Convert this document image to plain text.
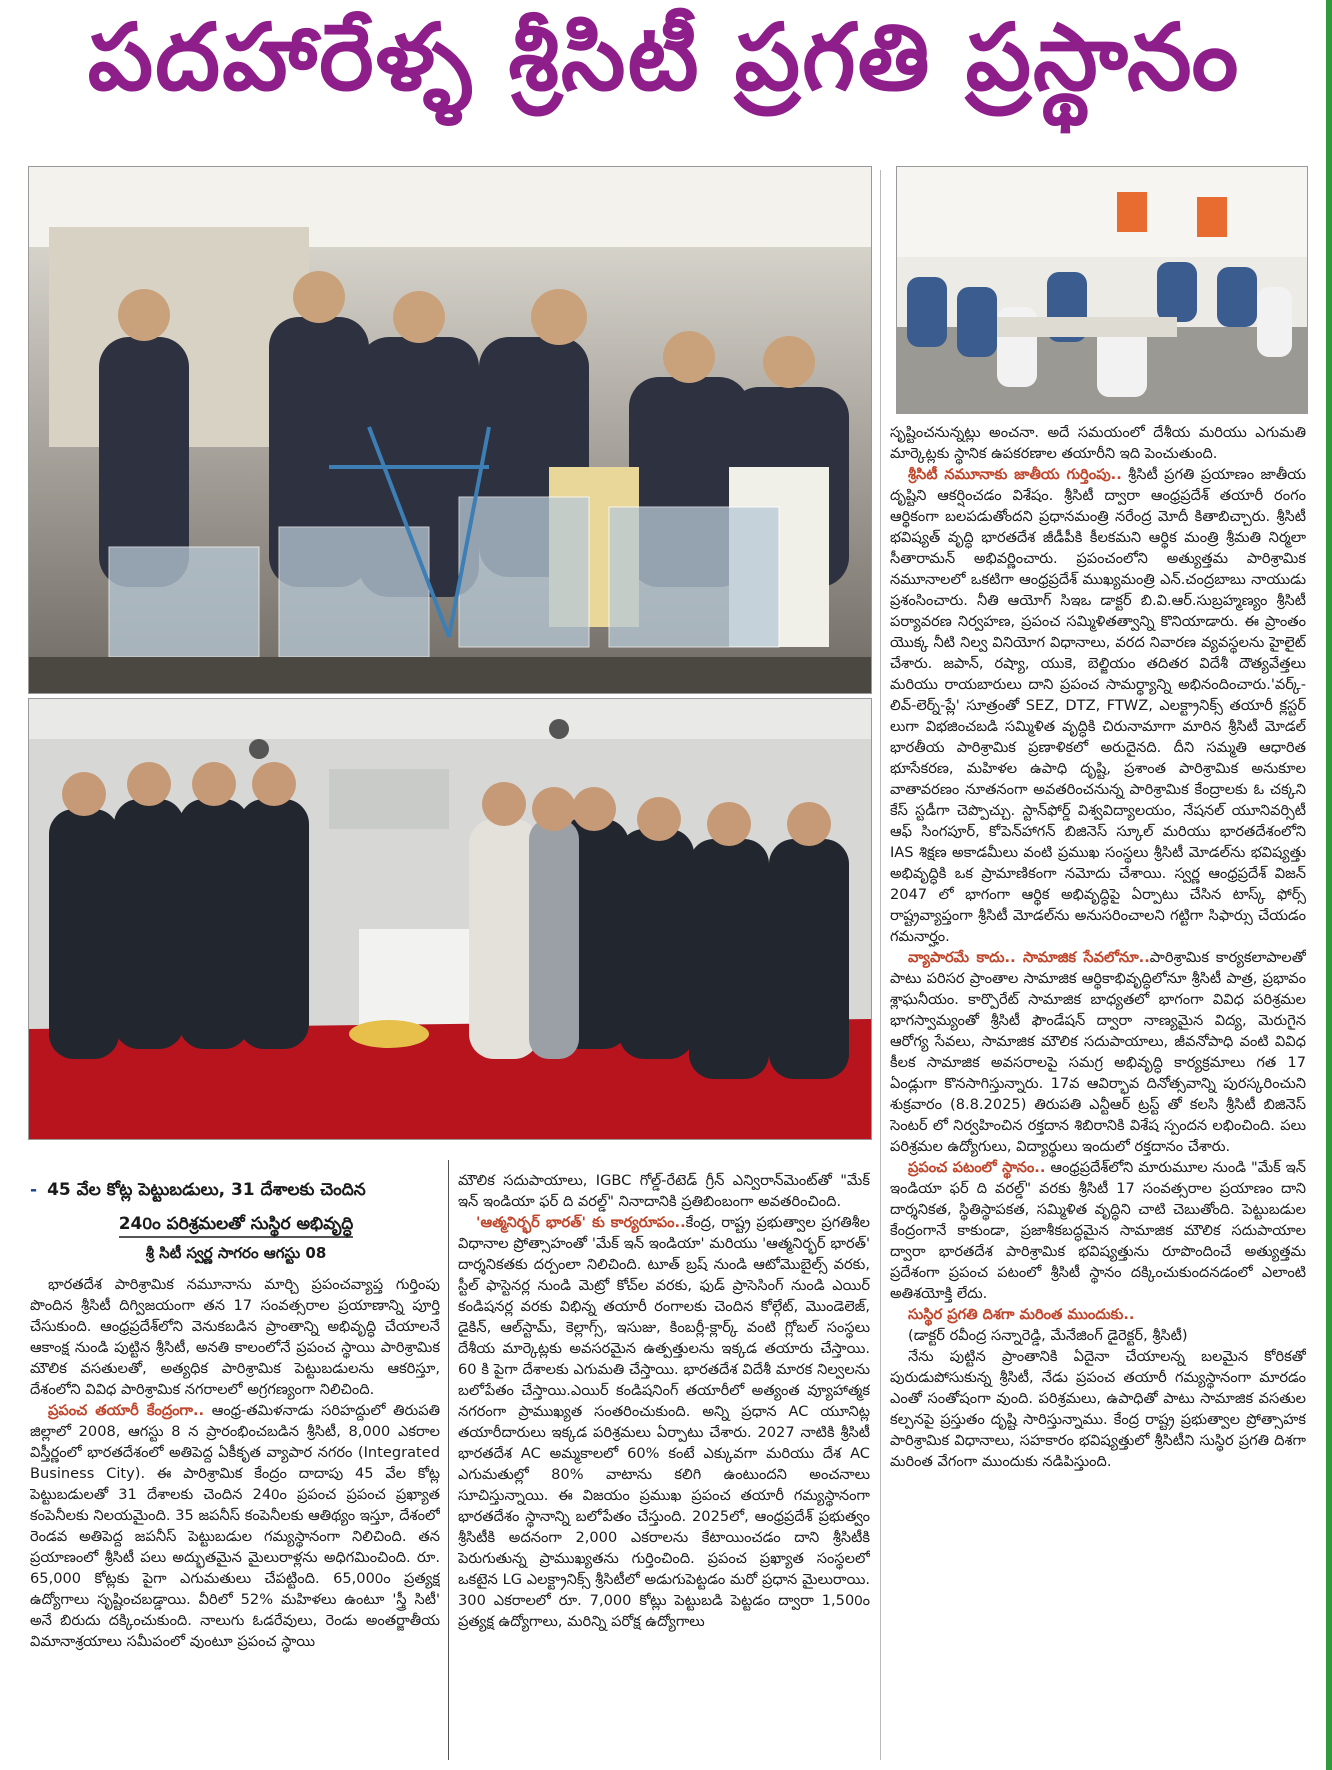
పదహారేళ్ళ శ్రీసిటీ ప్రగతి ప్రస్థానం
- 45 వేల కోట్ల పెట్టుబడులు, 31 దేశాలకు చెందిన
240ం పరిశ్రమలతో సుస్థిర అభివృద్ధి
శ్రీ సిటీ స్వర్ణ సాగరం ఆగస్టు 08

భారతదేశ పారిశ్రామిక నమూనాను మార్చి ప్రపంచవ్యాప్త గుర్తింపు పొందిన శ్రీసిటీ దిగ్విజయంగా తన 17 సంవత్సరాల ప్రయాణాన్ని పూర్తి చేసుకుంది. ఆంధ్రప్రదేశ్‌లోని వెనుకబడిన ప్రాంతాన్ని అభివృద్ధి చేయాలనే ఆకాంక్ష నుండి పుట్టిన శ్రీసిటీ, అనతి కాలంలోనే ప్రపంచ స్థాయి పారిశ్రామిక మౌలిక వసతులతో, అత్యధిక పారిశ్రామిక పెట్టుబడులను ఆకరిస్తూ, దేశంలోని వివిధ పారిశ్రామిక నగరాలలో అగ్రగణ్యంగా నిలిచింది.

ప్రపంచ తయారీ కేంద్రంగా.. ఆంధ్ర-తమిళనాడు సరిహద్దులో తిరుపతి జిల్లాలో 2008, ఆగస్టు 8 న ప్రారంభించబడిన శ్రీసిటీ, 8,000 ఎకరాల విస్తీర్ణంలో భారతదేశంలో అతిపెద్ద ఏకీకృత వ్యాపార నగరం (Integrated Business City). ఈ పారిశ్రామిక కేంద్రం దాదాపు 45 వేల కోట్ల పెట్టుబడులతో 31 దేశాలకు చెందిన 240ం ప్రపంచ ప్రపంచ ప్రఖ్యాత కంపెనీలకు నిలయమైంది. 35 జపనీస్ కంపెనీలకు ఆతిథ్యం ఇస్తూ, దేశంలో రెండవ అతిపెద్ద జపనీస్ పెట్టుబడుల గమ్యస్థానంగా నిలిచింది. తన ప్రయాణంలో శ్రీసిటీ పలు అద్భుతమైన మైలురాళ్లను అధిగమించింది. రూ. 65,000 కోట్లకు పైగా ఎగుమతులు చేపట్టింది. 65,000ం ప్రత్యక్ష ఉద్యోగాలు సృష్టించబడ్డాయి. వీరిలో 52% మహిళలు ఉంటూ 'స్త్రీ సిటీ' అనే బిరుదు దక్కించుకుంది. నాలుగు ఓడరేవులు, రెండు అంతర్జాతీయ విమానాశ్రయాలు సమీపంలో వుంటూ ప్రపంచ స్థాయి

మౌలిక సదుపాయాలు, IGBC గోల్డ్-రేటెడ్ గ్రీన్ ఎన్విరాన్‌మెంట్‌తో "మేక్ ఇన్ ఇండియా ఫర్ ది వరల్డ్" నినాదానికి ప్రతిబింబంగా అవతరించింది.

'ఆత్మనిర్భర్ భారత్' కు కార్యరూపం..కేంద్ర, రాష్ట్ర ప్రభుత్వాల ప్రగతిశీల విధానాల ప్రోత్సాహంతో 'మేక్ ఇన్ ఇండియా' మరియు 'ఆత్మనిర్భర్ భారత్' దార్శనికతకు దర్పంలా నిలిచింది. టూత్ బ్రష్ నుండి ఆటోమొబైల్స్ వరకు, స్టీల్ ఫాస్టెనర్ల నుండి మెట్రో కోచ్‌ల వరకు, ఫుడ్ ప్రాసెసింగ్ నుండి ఎయిర్ కండిషనర్ల వరకు విభిన్న తయారీ రంగాలకు చెందిన కోల్గేట్, మొండెలెజ్, డైకిన్, ఆల్‌స్టామ్, కెల్లాగ్స్, ఇసుజు, కింబర్లీ-క్లార్క్ వంటి గ్లోబల్ సంస్థలు దేశీయ మార్కెట్లకు అవసరమైన ఉత్పత్తులను ఇక్కడ తయారు చేస్తాయి. 60 కి పైగా దేశాలకు ఎగుమతి చేస్తాయి. భారతదేశ విదేశీ మారక నిల్వలను బలోపేతం చేస్తాయి.ఎయిర్ కండిషనింగ్ తయారీలో అత్యంత వ్యూహాత్మక నగరంగా ప్రాముఖ్యత సంతరించుకుంది. అన్ని ప్రధాన AC యూనిట్ల తయారీదారులు ఇక్కడ పరిశ్రమలు ఏర్పాటు చేశారు. 2027 నాటికి శ్రీసిటీ భారతదేశ AC అమ్మకాలలో 60% కంటే ఎక్కువగా మరియు దేశ AC ఎగుమతుల్లో 80% వాటాను కలిగి ఉంటుందని అంచనాలు సూచిస్తున్నాయి. ఈ విజయం ప్రముఖ ప్రపంచ తయారీ గమ్యస్థానంగా భారతదేశం స్థానాన్ని బలోపేతం చేస్తుంది. 2025లో, ఆంధ్రప్రదేశ్ ప్రభుత్వం శ్రీసిటీకి అదనంగా 2,000 ఎకరాలను కేటాయించడం దాని శ్రీసిటీకి పెరుగుతున్న ప్రాముఖ్యతను గుర్తించింది. ప్రపంచ ప్రఖ్యాత సంస్థలలో ఒకటైన LG ఎలక్ట్రానిక్స్ శ్రీసిటీలో అడుగుపెట్టడం మరో ప్రధాన మైలురాయి. 300 ఎకరాలలో రూ. 7,000 కోట్లు పెట్టుబడి పెట్టడం ద్వారా 1,500ం ప్రత్యక్ష ఉద్యోగాలు, మరిన్ని పరోక్ష ఉద్యోగాలు

సృష్టించనున్నట్లు అంచనా. అదే సమయంలో దేశీయ మరియు ఎగుమతి మార్కెట్లకు స్థానిక ఉపకరణాల తయారీని ఇది పెంచుతుంది.

శ్రీసిటీ నమూనాకు జాతీయ గుర్తింపు.. శ్రీసిటీ ప్రగతి ప్రయాణం జాతీయ దృష్టిని ఆకర్షించడం విశేషం. శ్రీసిటీ ద్వారా ఆంధ్రప్రదేశ్ తయారీ రంగం ఆర్థికంగా బలపడుతోందని ప్రధానమంత్రి నరేంద్ర మోదీ కితాబిచ్చారు. శ్రీసిటీ భవిష్యత్ వృద్ధి భారతదేశ జీడీపీకి కీలకమని ఆర్థిక మంత్రి శ్రీమతి నిర్మలా సీతారామన్ అభివర్ణించారు. ప్రపంచంలోని అత్యుత్తమ పారిశ్రామిక నమూనాలలో ఒకటిగా ఆంధ్రప్రదేశ్ ముఖ్యమంత్రి ఎన్.చంద్రబాబు నాయుడు ప్రశంసించారు. నీతి ఆయోగ్ సిఇఒ డాక్టర్ బి.వి.ఆర్.సుబ్రహ్మణ్యం శ్రీసిటీ పర్యావరణ నిర్వహణ, ప్రపంచ సమ్మిళితత్వాన్ని కొనియాడారు. ఈ ప్రాంతం యొక్క నీటి నిల్వ వినియోగ విధానాలు, వరద నివారణ వ్యవస్థలను హైలైట్ చేశారు. జపాన్, రష్యా, యుకె, బెల్జియం తదితర విదేశీ దౌత్యవేత్తలు మరియు రాయబారులు దాని ప్రపంచ సామర్థ్యాన్ని అభినందించారు.'వర్క్-లివ్-లెర్న్-ప్లే' సూత్రంతో SEZ, DTZ, FTWZ, ఎలక్ట్రానిక్స్ తయారీ క్లస్టర్ లుగా విభజించబడి సమ్మిళిత వృద్ధికి చిరునామాగా మారిన శ్రీసిటీ మోడల్ భారతీయ పారిశ్రామిక ప్రణాళికలో అరుదైనది. దీని సమ్మతి ఆధారిత భూసేకరణ, మహిళల ఉపాధి దృష్టి, ప్రశాంత పారిశ్రామిక అనుకూల వాతావరణం నూతనంగా అవతరించనున్న పారిశ్రామిక కేంద్రాలకు ఓ చక్కని కేస్ స్టడీగా చెప్పొచ్చు. స్టాన్‌ఫోర్డ్ విశ్వవిద్యాలయం, నేషనల్ యూనివర్సిటీ ఆఫ్ సింగపూర్, కోపెన్‌హాగన్ బిజినెస్ స్కూల్ మరియు భారతదేశంలోని IAS శిక్షణ అకాడమీలు వంటి ప్రముఖ సంస్థలు శ్రీసిటీ మోడల్‌ను భవిష్యత్తు అభివృద్ధికి ఒక ప్రామాణికంగా నమోదు చేశాయి. స్వర్ణ ఆంధ్రప్రదేశ్ విజన్ 2047 లో భాగంగా ఆర్థిక అభివృద్ధిపై ఏర్పాటు చేసిన టాస్క్ ఫోర్స్ రాష్ట్రవ్యాప్తంగా శ్రీసిటీ మోడల్‌ను అనుసరించాలని గట్టిగా సిఫార్సు చేయడం గమనార్హం.

వ్యాపారమే కాదు.. సామాజిక సేవలోనూ..పారిశ్రామిక కార్యకలాపాలతో పాటు పరిసర ప్రాంతాల సామాజిక ఆర్థికాభివృద్ధిలోనూ శ్రీసిటీ పాత్ర, ప్రభావం శ్లాఘనీయం. కార్పొరేట్ సామాజిక బాధ్యతలో భాగంగా వివిధ పరిశ్రమల భాగస్వామ్యంతో శ్రీసిటీ ఫౌండేషన్ ద్వారా నాణ్యమైన విద్య, మెరుగైన ఆరోగ్య సేవలు, సామాజిక మౌలిక సదుపాయాలు, జీవనోపాధి వంటి వివిధ కీలక సామాజిక అవసరాలపై సమగ్ర అభివృద్ధి కార్యక్రమాలు గత 17 ఏండ్లుగా కొనసాగిస్తున్నారు. 17వ ఆవిర్భావ దినోత్సవాన్ని పురస్కరించుని శుక్రవారం (8.8.2025) తిరుపతి ఎన్టీఆర్ ట్రస్ట్ తో కలసి శ్రీసిటీ బిజినెస్ సెంటర్ లో నిర్వహించిన రక్తదాన శిబిరానికి విశేష స్పందన లభించింది. పలు పరిశ్రమల ఉద్యోగులు, విద్యార్థులు ఇందులో రక్తదానం చేశారు.

ప్రపంచ పటంలో స్థానం.. ఆంధ్రప్రదేశ్‌లోని మారుమూల నుండి "మేక్ ఇన్ ఇండియా ఫర్ ది వరల్డ్" వరకు శ్రీసిటీ 17 సంవత్సరాల ప్రయాణం దాని దార్శనికత, స్థితిస్థాపకత, సమ్మిళిత వృద్ధిని చాటి చెబుతోంది. పెట్టుబడుల కేంద్రంగానే కాకుండా, ప్రజాశీకబద్ధమైన సామాజిక మౌలిక సదుపాయాల ద్వారా భారతదేశ పారిశ్రామిక భవిష్యత్తును రూపొందించే అత్యుత్తమ ప్రదేశంగా ప్రపంచ పటంలో శ్రీసిటీ స్థానం దక్కించుకుందనడంలో ఎలాంటి అతిశయోక్తి లేదు.

సుస్థిర ప్రగతి దిశగా మరింత ముందుకు..

(డాక్టర్ రవీంద్ర సన్నారెడ్డి, మేనేజింగ్ డైరెక్టర్, శ్రీసిటీ)

నేను పుట్టిన ప్రాంతానికి ఏదైనా చేయాలన్న బలమైన కోరికతో పురుడుపోసుకున్న శ్రీసిటీ, నేడు ప్రపంచ తయారీ గమ్యస్థానంగా మారడం ఎంతో సంతోషంగా వుంది. పరిశ్రమలు, ఉపాధితో పాటు సామాజిక వసతుల కల్పనపై ప్రస్తుతం దృష్టి సారిస్తున్నాము. కేంద్ర రాష్ట్ర ప్రభుత్వాల ప్రోత్సాహక పారిశ్రామిక విధానాలు, సహకారం భవిష్యత్తులో శ్రీసిటీని సుస్థిర ప్రగతి దిశగా మరింత వేగంగా ముందుకు నడిపిస్తుంది.
